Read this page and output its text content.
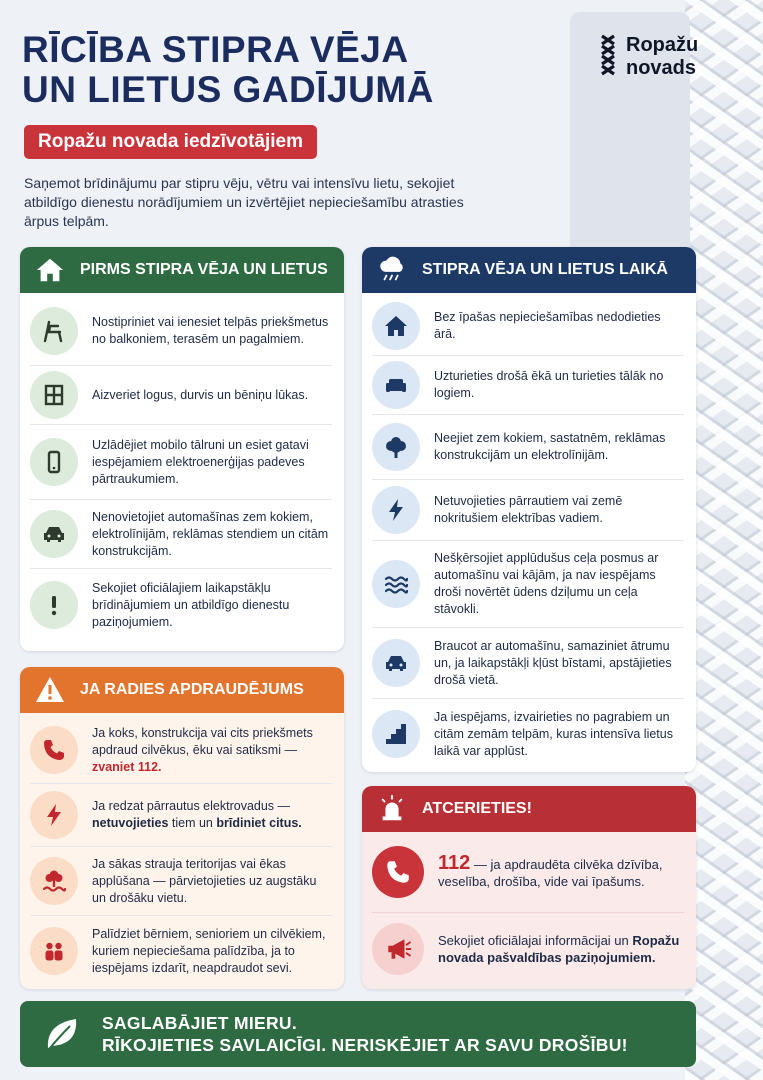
Ropažu
novads
RĪCĪBA STIPRA VĒJA
UN LIETUS GADĪJUMĀ
Ropažu novada iedzīvotājiem
Saņemot brīdinājumu par stipru vēju, vētru vai intensīvu lietu, sekojiet atbildīgo dienestu norādījumiem un izvērtējiet nepieciešamību atrasties ārpus telpām.
PIRMS STIPRA VĒJA UN LIETUS
Nostipriniet vai ienesiet telpās priekšmetus no balkoniem, terasēm un pagalmiem.
Aizveriet logus, durvis un bēniņu lūkas.
Uzlādējiet mobilo tālruni un esiet gatavi iespējamiem elektroenerģijas padeves pārtraukumiem.
Nenovietojiet automašīnas zem kokiem, elektrolīnijām, reklāmas stendiem un citām konstrukcijām.
Sekojiet oficiālajiem laikapstākļu brīdinājumiem un atbildīgo dienestu paziņojumiem.
STIPRA VĒJA UN LIETUS LAIKĀ
Bez īpašas nepieciešamības nedodieties ārā.
Uzturieties drošā ēkā un turieties tālāk no logiem.
Neejiet zem kokiem, sastatnēm, reklāmas konstrukcijām un elektrolīnijām.
Netuvojieties pārrautiem vai zemē nokritušiem elektrības vadiem.
Nešķērsojiet applūdušus ceļa posmus ar automašīnu vai kājām, ja nav iespējams droši novērtēt ūdens dziļumu un ceļa stāvokli.
Braucot ar automašīnu, samaziniet ātrumu un, ja laikapstākļi kļūst bīstami, apstājieties drošā vietā.
Ja iespējams, izvairieties no pagrabiem un citām zemām telpām, kuras intensīva lietus laikā var applūst.
JA RADIES APDRAUDĒJUMS
Ja koks, konstrukcija vai cits priekšmets apdraud cilvēkus, ēku vai satiksmi — zvaniet 112.
Ja redzat pārrautus elektrovadus — netuvojieties tiem un brīdiniet citus.
Ja sākas strauja teritorijas vai ēkas applūšana — pārvietojieties uz augstāku un drošāku vietu.
Palīdziet bērniem, senioriem un cilvēkiem, kuriem nepieciešama palīdzība, ja to iespējams izdarīt, neapdraudot sevi.
ATCERIETIES!
112 — ja apdraudēta cilvēka dzīvība, veselība, drošība, vide vai īpašums.
Sekojiet oficiālajai informācijai un Ropažu novada pašvaldības paziņojumiem.
SAGLABĀJIET MIERU.
RĪKOJIETIES SAVLAICĪGI. NERISKĒJIET AR SAVU DROŠĪBU!
